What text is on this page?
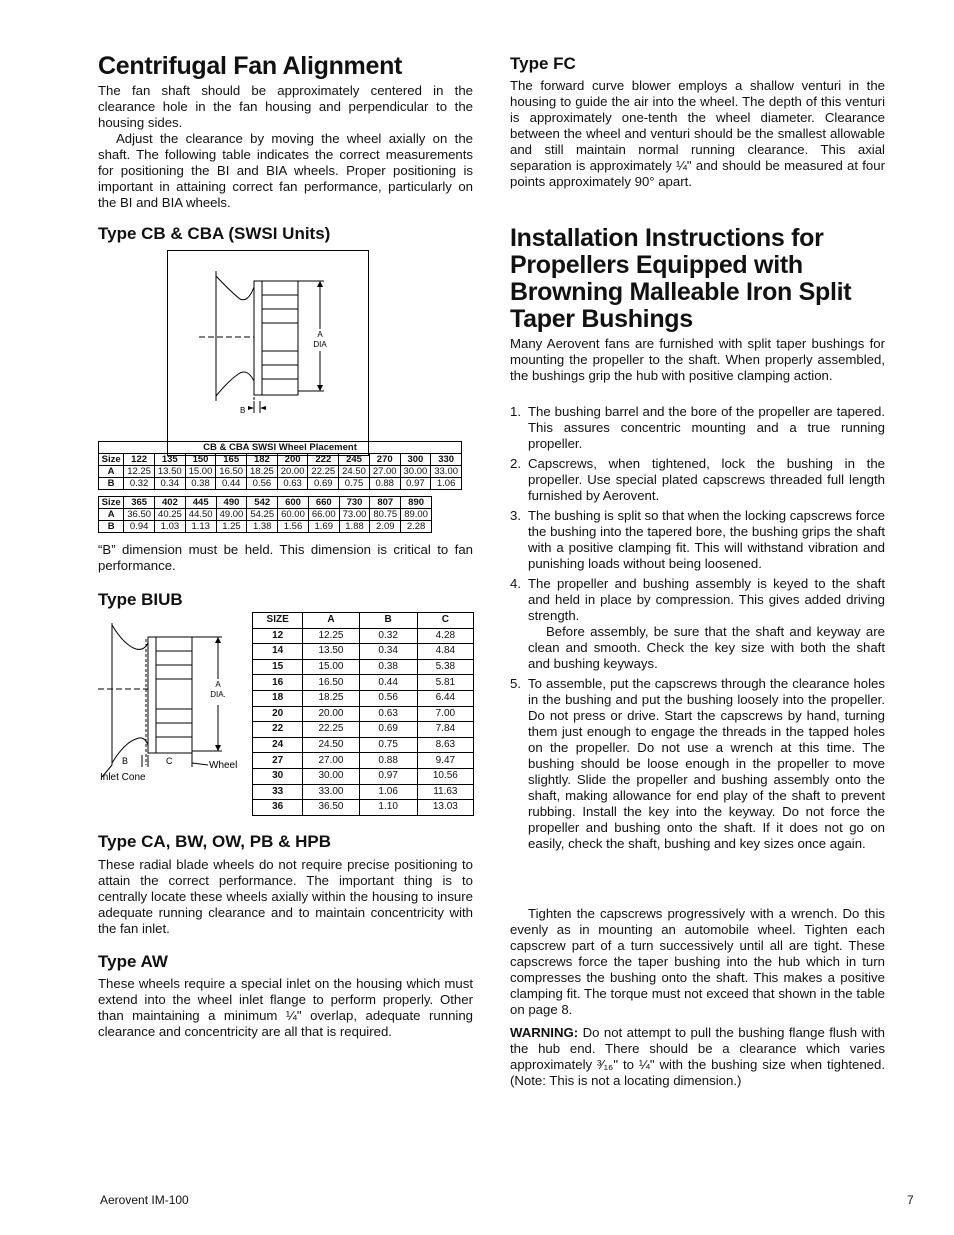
Centrifugal Fan Alignment

The fan shaft should be approximately centered in the clearance hole in the fan housing and perpendicular to the housing sides.

Adjust the clearance by moving the wheel axially on the shaft. The following table indicates the correct measurements for positioning the BI and BIA wheels. Proper positioning is important in attaining correct fan performance, particularly on the BI and BIA wheels.

Type CB & CBA (SWSI Units)
A
DIA
B
CB & CBA SWSI Wheel Placement											
Size	122	135	150	165	182	200	222	245	270	300	330
A	12.25	13.50	15.00	16.50	18.25	20.00	22.25	24.50	27.00	30.00	33.00
B	0.32	0.34	0.38	0.44	0.56	0.63	0.69	0.75	0.88	0.97	1.06
Size	365	402	445	490	542	600	660	730	807	890
A	36.50	40.25	44.50	49.00	54.25	60.00	66.00	73.00	80.75	89.00
B	0.94	1.03	1.13	1.25	1.38	1.56	1.69	1.88	2.09	2.28

“B” dimension must be held. This dimension is critical to fan performance.

Type BIUB
A
DIA.
B	C	Wheel
Inlet Cone
SIZE	A	B	C
12	12.25	0.32	4.28
14	13.50	0.34	4.84
15	15.00	0.38	5.38
16	16.50	0.44	5.81
18	18.25	0.56	6.44
20	20.00	0.63	7.00
22	22.25	0.69	7.84
24	24.50	0.75	8.63
27	27.00	0.88	9.47
30	30.00	0.97	10.56
33	33.00	1.06	11.63
36	36.50	1.10	13.03
Type CA, BW, OW, PB & HPB

These radial blade wheels do not require precise positioning to attain the correct performance. The important thing is to centrally locate these wheels axially within the housing to insure adequate running clearance and to maintain concentricity with the fan inlet.

Type AW

These wheels require a special inlet on the housing which must extend into the wheel inlet flange to perform properly. Other than maintaining a minimum ¼" overlap, adequate running clearance and concentricity are all that is required.

Type FC

The forward curve blower employs a shallow venturi in the housing to guide the air into the wheel. The depth of this venturi is approximately one-tenth the wheel diameter. Clearance between the wheel and venturi should be the smallest allowable and still maintain normal running clearance. This axial separation is approximately ¼" and should be measured at four points approximately 90° apart.

Installation Instructions for Propellers Equipped with Browning Malleable Iron Split Taper Bushings

Many Aerovent fans are furnished with split taper bushings for mounting the propeller to the shaft. When properly assembled, the bushings grip the hub with positive clamping action.

1. The bushing barrel and the bore of the propeller are tapered. This assures concentric mounting and a true running propeller.
2. Capscrews, when tightened, lock the bushing in the propeller. Use special plated capscrews threaded full length furnished by Aerovent.
3. The bushing is split so that when the locking capscrews force the bushing into the tapered bore, the bushing grips the shaft with a positive clamping fit. This will withstand vibration and punishing loads without being loosened.
4. The propeller and bushing assembly is keyed to the shaft and held in place by compression. This gives added driving strength.
Before assembly, be sure that the shaft and keyway are clean and smooth. Check the key size with both the shaft and bushing keyways.
5. To assemble, put the capscrews through the clearance holes in the bushing and put the bushing loosely into the propeller. Do not press or drive. Start the capscrews by hand, turning them just enough to engage the threads in the tapped holes on the propeller. Do not use a wrench at this time. The bushing should be loose enough in the propeller to move slightly. Slide the propeller and bushing assembly onto the shaft, making allowance for end play of the shaft to prevent rubbing. Install the key into the keyway. Do not force the propeller and bushing onto the shaft. If it does not go on easily, check the shaft, bushing and key sizes once again.

Tighten the capscrews progressively with a wrench. Do this evenly as in mounting an automobile wheel. Tighten each capscrew part of a turn successively until all are tight. These capscrews force the taper bushing into the hub which in turn compresses the bushing onto the shaft. This makes a positive clamping fit. The torque must not exceed that shown in the table on page 8.

WARNING: Do not attempt to pull the bushing flange flush with the hub end. There should be a clearance which varies approximately ³⁄₁₆" to ¼" with the bushing size when tightened. (Note: This is not a locating dimension.)

Aerovent IM-100	7
